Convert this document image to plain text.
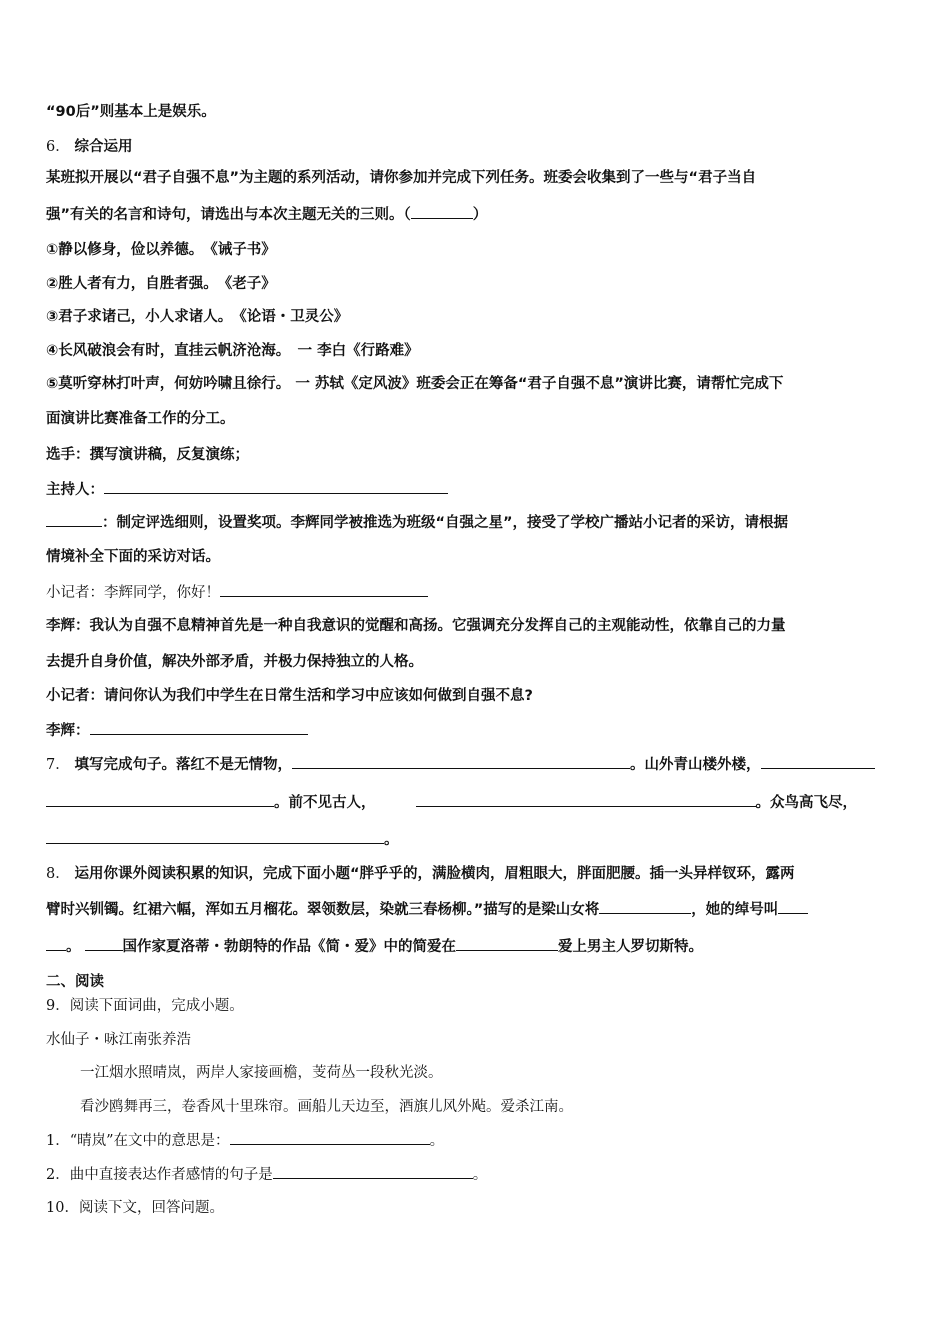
“90后”则基本上是娱乐。
6． 综合运用
某班拟开展以“君子自强不息”为主题的系列活动，请你参加并完成下列任务。班委会收集到了一些与“君子当自
强”有关的名言和诗句，请选出与本次主题无关的三则。（	）
①静以修身，俭以养德。　《诫子书》
②胜人者有力，自胜者强。　《老子》
③君子求诸己，小人求诸人。　《论语・卫灵公》
④长风破浪会有时，直挂云帆济沧海。　一 李白《行路难》
⑤莫听穿林打叶声，何妨吟啸且徐行。 一 苏轼《定风波》班委会正在筹备“君子自强不息”演讲比赛，请帮忙完成下
面演讲比赛准备工作的分工。
选手：撰写演讲稿，反复演练；
主持人：
：制定评选细则，设置奖项。李辉同学被推选为班级“自强之星”，接受了学校广播站小记者的采访，请根据
情境补全下面的采访对话。
小记者：李辉同学，你好！
李辉：我认为自强不息精神首先是一种自我意识的觉醒和高扬。它强调充分发挥自己的主观能动性，依靠自己的力量
去提升自身价值，解决外部矛盾，并极力保持独立的人格。
小记者：请问你认为我们中学生在日常生活和学习中应该如何做到自强不息?
李辉：
7． 填写完成句子。落红不是无情物，	。山外青山楼外楼，
。前不见古人，	。众鸟高飞尽，
。
8． 运用你课外阅读积累的知识，完成下面小题“胖乎乎的，满脸横肉，眉粗眼大，胖面肥腰。插一头异样钗环，露两
臂时兴钏镯。红裙六幅，浑如五月榴花。翠领数层，染就三春杨柳。”描写的是梁山女将	，她的绰号叫
。	国作家夏洛蒂・勃朗特的作品《简・爱》中的简爱在	爱上男主人罗切斯特。
二、阅读
9．阅读下面词曲，完成小题。
水仙子・咏江南张养浩
一江烟水照晴岚，两岸人家接画檐，芰荷丛一段秋光淡。
看沙鸥舞再三，卷香风十里珠帘。画船儿天边至，酒旗儿风外飐。爱杀江南。
1．“晴岚”在文中的意思是：	。
2．曲中直接表达作者感情的句子是	。
10．阅读下文，回答问题。
